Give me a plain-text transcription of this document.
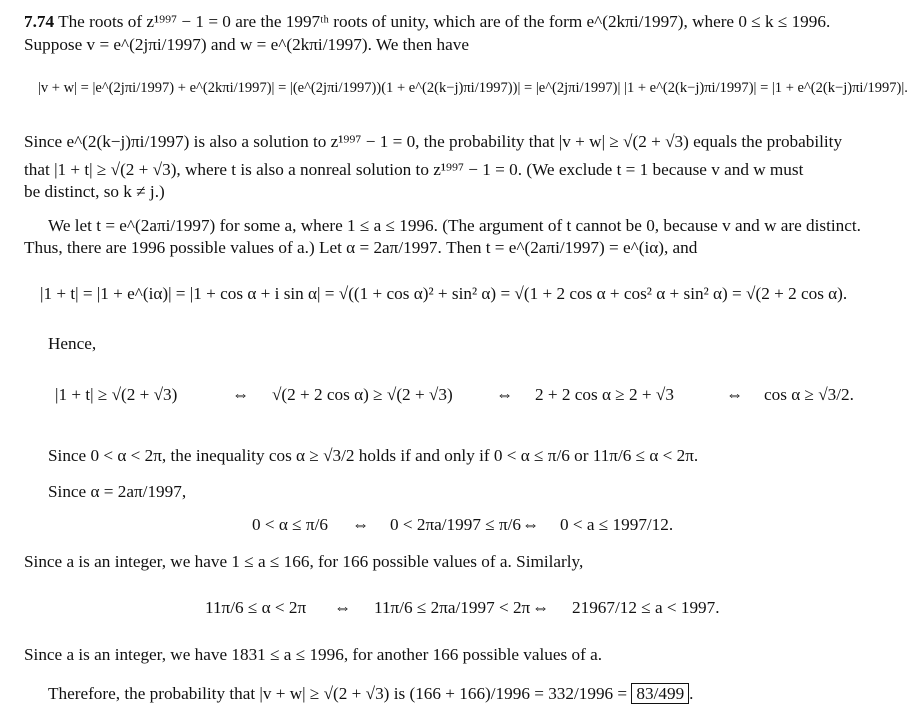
7.74 The roots of z¹⁹⁹⁷ − 1 = 0 are the 1997ᵗʰ roots of unity, which are of the form e^(2kπi/1997), where 0 ≤ k ≤ 1996.
Suppose v = e^(2jπi/1997) and w = e^(2kπi/1997). We then have
|v + w| = |e^(2jπi/1997) + e^(2kπi/1997)| = |(e^(2jπi/1997))(1 + e^(2(k−j)πi/1997))| = |e^(2jπi/1997)| |1 + e^(2(k−j)πi/1997)| = |1 + e^(2(k−j)πi/1997)|.
Since e^(2(k−j)πi/1997) is also a solution to z¹⁹⁹⁷ − 1 = 0, the probability that |v + w| ≥ √(2 + √3) equals the probability
that |1 + t| ≥ √(2 + √3), where t is also a nonreal solution to z¹⁹⁹⁷ − 1 = 0. (We exclude t = 1 because v and w must
be distinct, so k ≠ j.)
We let t = e^(2aπi/1997) for some a, where 1 ≤ a ≤ 1996. (The argument of t cannot be 0, because v and w are distinct.
Thus, there are 1996 possible values of a.) Let α = 2aπ/1997. Then t = e^(2aπi/1997) = e^(iα), and
|1 + t| = |1 + e^(iα)| = |1 + cos α + i sin α| = √((1 + cos α)² + sin² α) = √(1 + 2 cos α + cos² α + sin² α) = √(2 + 2 cos α).
Hence,
|1 + t| ≥ √(2 + √3)	⇔ √(2 + 2 cos α) ≥ √(2 + √3)	⇔ 2 + 2 cos α ≥ 2 + √3	⇔ cos α ≥ √3/2.
Since 0 < α < 2π, the inequality cos α ≥ √3/2 holds if and only if 0 < α ≤ π/6 or 11π/6 ≤ α < 2π.
Since α = 2aπ/1997,
0 < α ≤ π/6 ⇔ 0 < 2πa/1997 ≤ π/6 ⇔ 0 < a ≤ 1997/12.
Since a is an integer, we have 1 ≤ a ≤ 166, for 166 possible values of a. Similarly,
11π/6 ≤ α < 2π ⇔ 11π/6 ≤ 2πa/1997 < 2π ⇔ 21967/12 ≤ a < 1997.
Since a is an integer, we have 1831 ≤ a ≤ 1996, for another 166 possible values of a.
Therefore, the probability that |v + w| ≥ √(2 + √3) is (166 + 166)/1996 = 332/1996 = 83/499 .
